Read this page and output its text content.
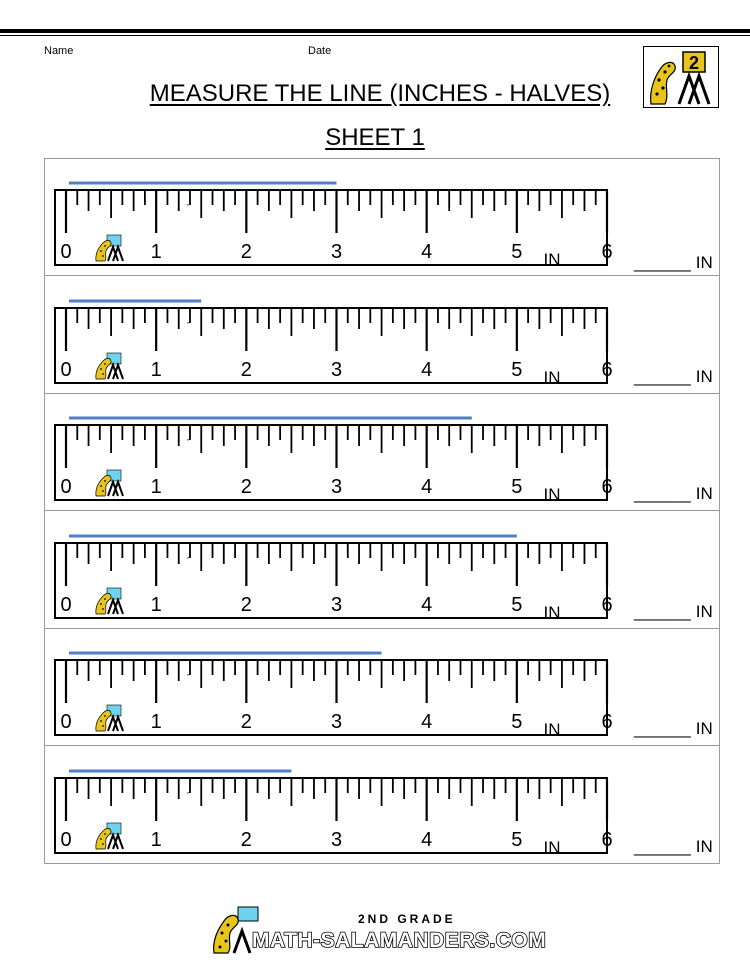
Name	Date
MEASURE THE LINE (INCHES - HALVES)
SHEET 1
2
0	1	2	3	4	5	6
IN	______ IN
0	1	2	3	4	5	6
IN	______ IN
0	1	2	3	4	5	6
IN	______ IN
0	1	2	3	4	5	6
IN	______ IN
0	1	2	3	4	5	6
IN	______ IN
0	1	2	3	4	5	6
IN	______ IN
2ND GRADE
MATH-SALAMANDERS.COM
